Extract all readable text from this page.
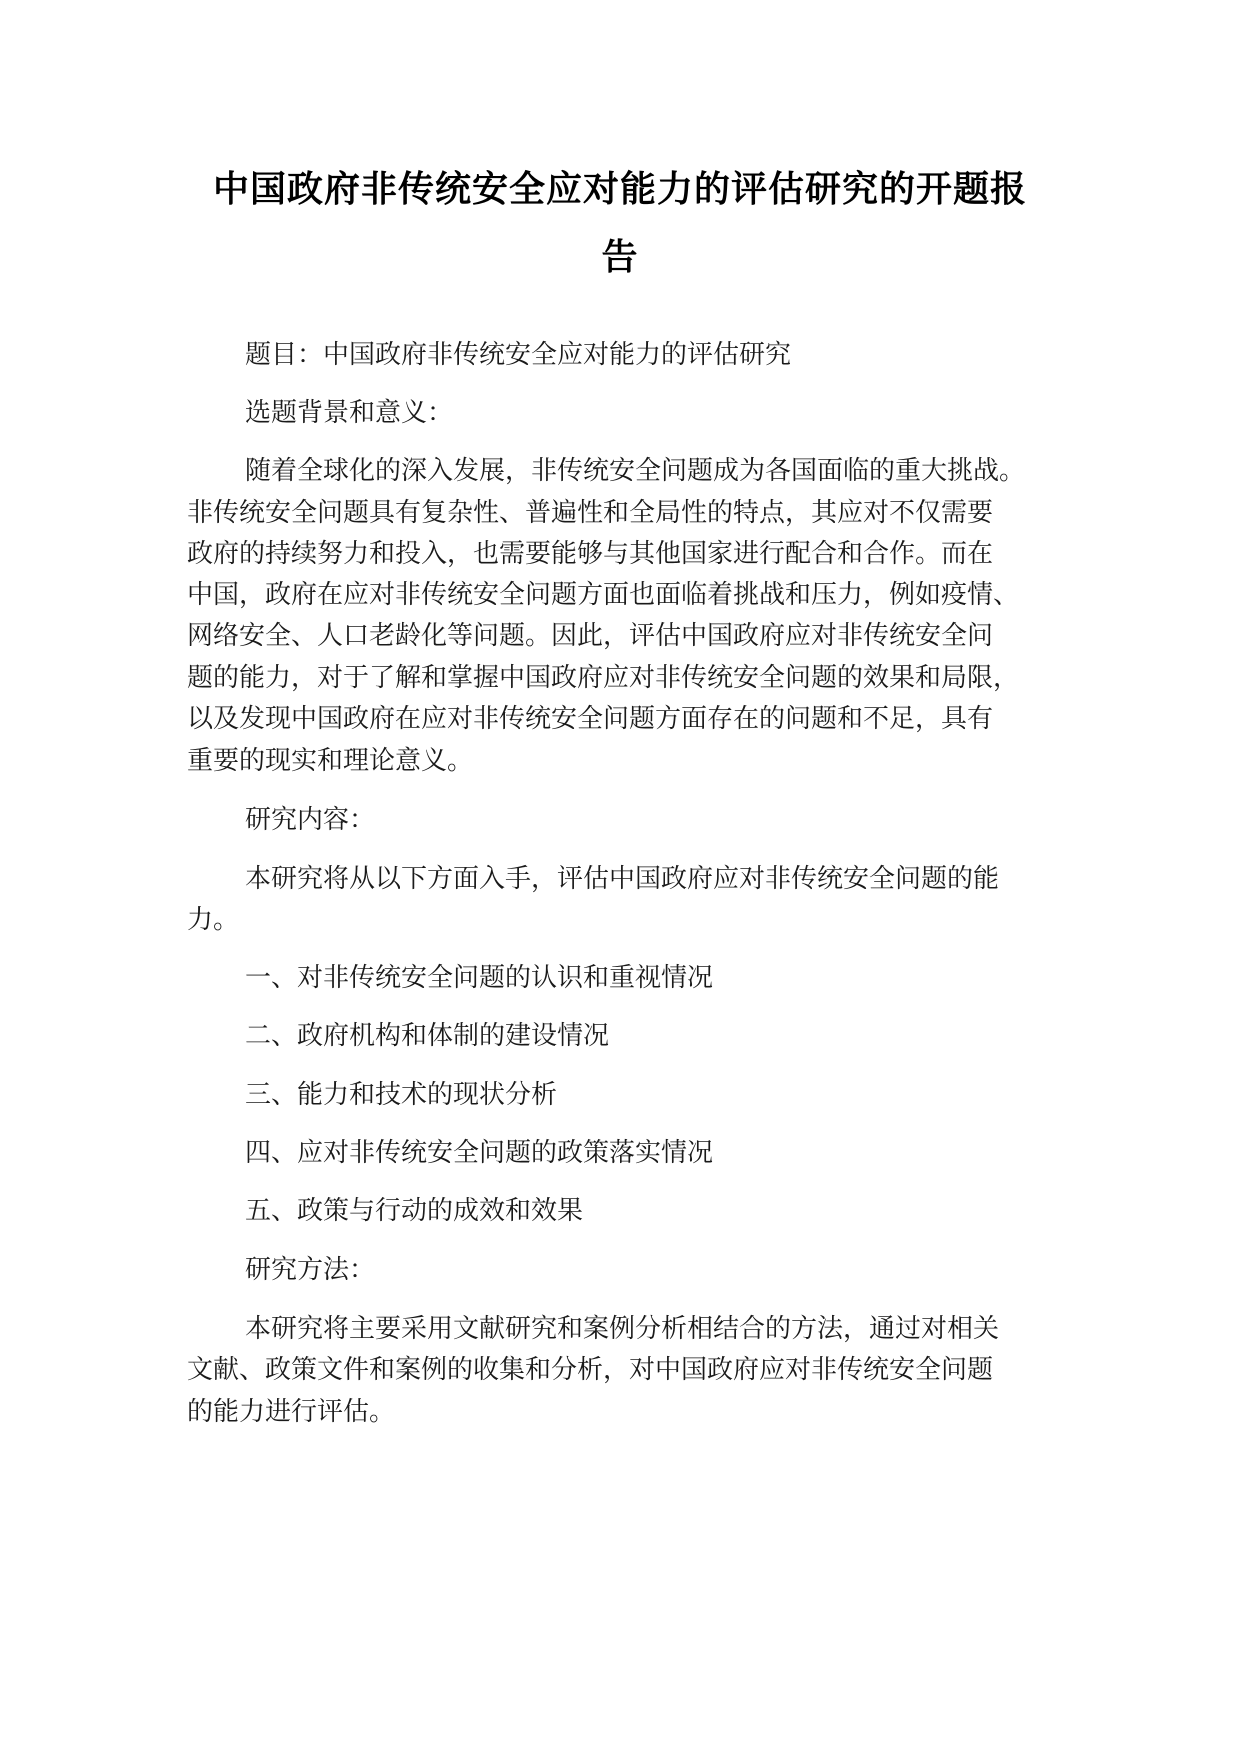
中国政府非传统安全应对能力的评估研究的开题报
告
题目：中国政府非传统安全应对能力的评估研究
选题背景和意义：
随着全球化的深入发展，非传统安全问题成为各国面临的重大挑战。
非传统安全问题具有复杂性、普遍性和全局性的特点，其应对不仅需要
政府的持续努力和投入，也需要能够与其他国家进行配合和合作。而在
中国，政府在应对非传统安全问题方面也面临着挑战和压力，例如疫情、
网络安全、人口老龄化等问题。因此，评估中国政府应对非传统安全问
题的能力，对于了解和掌握中国政府应对非传统安全问题的效果和局限，
以及发现中国政府在应对非传统安全问题方面存在的问题和不足，具有
重要的现实和理论意义。
研究内容：
本研究将从以下方面入手，评估中国政府应对非传统安全问题的能
力。
一、对非传统安全问题的认识和重视情况
二、政府机构和体制的建设情况
三、能力和技术的现状分析
四、应对非传统安全问题的政策落实情况
五、政策与行动的成效和效果
研究方法：
本研究将主要采用文献研究和案例分析相结合的方法，通过对相关
文献、政策文件和案例的收集和分析，对中国政府应对非传统安全问题
的能力进行评估。
